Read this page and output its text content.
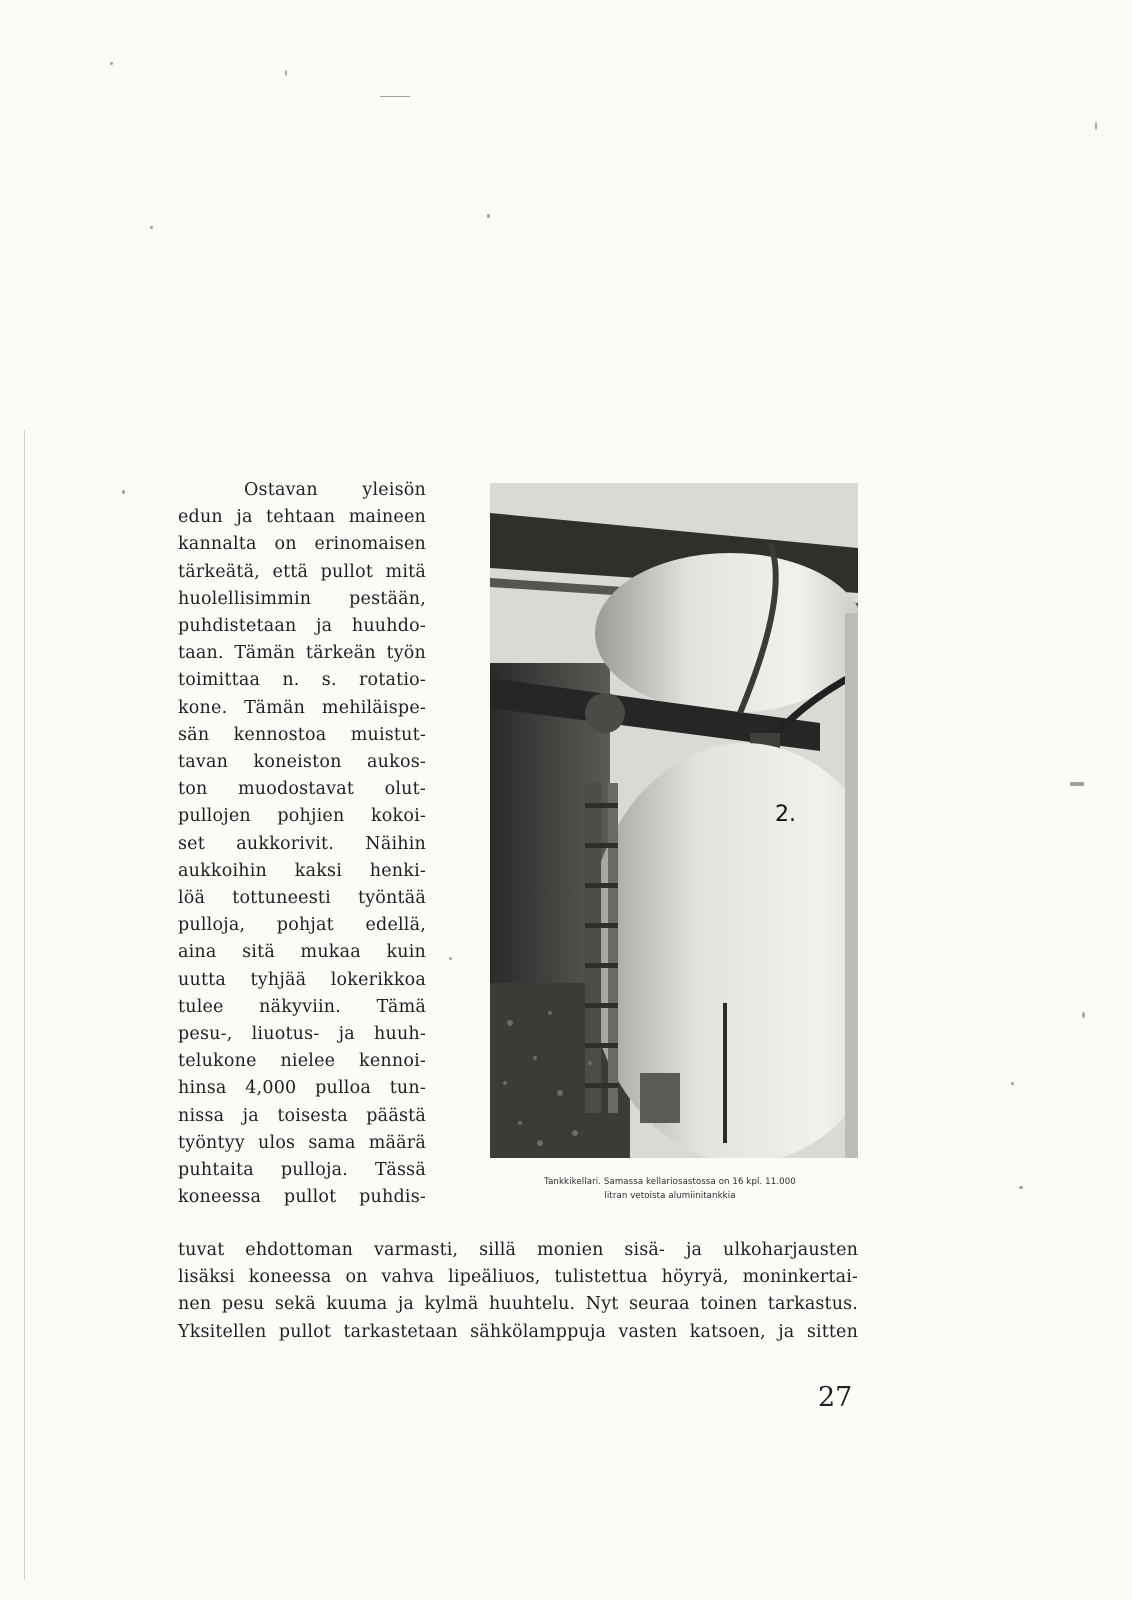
Ostavan yleisön
edun ja tehtaan maineen
kannalta on erinomaisen
tärkeätä, että pullot mitä
huolellisimmin pestään,
puhdistetaan ja huuhdo-
taan. Tämän tärkeän työn
toimittaa n. s. rotatio-
kone. Tämän mehiläispe-
sän kennostoa muistut-
tavan koneiston aukos-
ton muodostavat olut-
pullojen pohjien kokoi-
set aukkorivit. Näihin
aukkoihin kaksi henki-
löä tottuneesti työntää
pulloja, pohjat edellä,
aina sitä mukaa kuin
uutta tyhjää lokerikkoa
tulee näkyviin. Tämä
pesu-, liuotus- ja huuh-
telukone nielee kennoi-
hinsa 4,000 pulloa tun-
nissa ja toisesta päästä
työntyy ulos sama määrä
puhtaita pulloja. Tässä
koneessa pullot puhdis-
2.
Tankkikellari. Samassa kellariosastossa on 16 kpl. 11.000
litran vetoista alumiinitankkia
tuvat ehdottoman varmasti, sillä monien sisä- ja ulkoharjausten
lisäksi koneessa on vahva lipeäliuos, tulistettua höyryä, moninkertai-
nen pesu sekä kuuma ja kylmä huuhtelu. Nyt seuraa toinen tarkastus.
Yksitellen pullot tarkastetaan sähkölamppuja vasten katsoen, ja sitten
27
